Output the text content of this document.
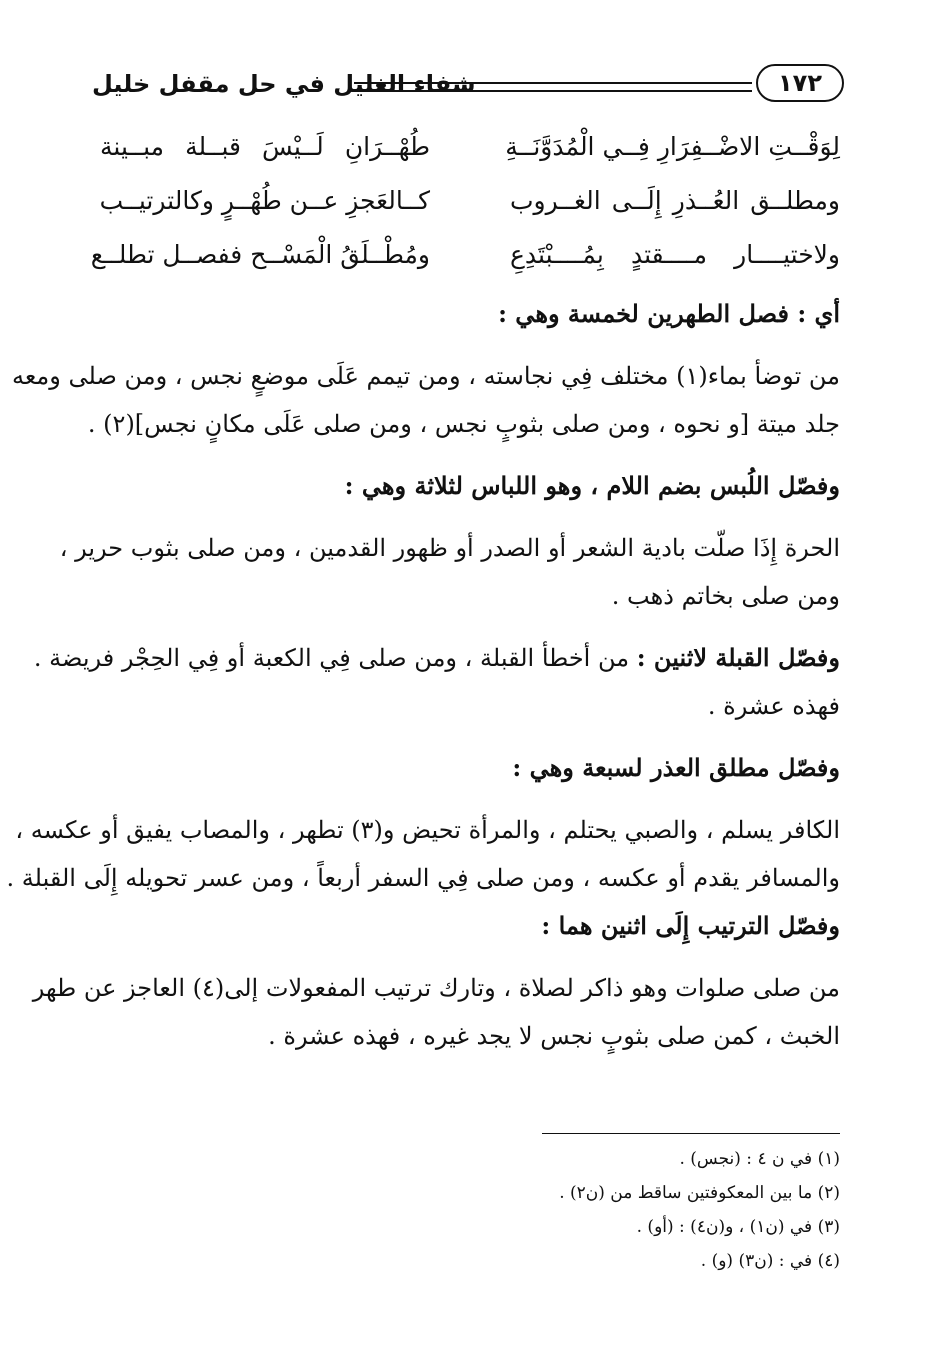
شفاء الغليل في حل مقفل خليل	١٧٢
لِوَقْــتِ الاضْــفِرَارِ فِــي الْمُدَوَّنَــةِ
طُهْــرَانِ لَــيْسَ قبــلة مبــينة
ومطلــق العُــذرِ إِلَــى الغــروب
كــالعَجزِ عــن طُهْــرٍ وكالترتيــب
ولاختيــــار مــــقتدٍ بِمُــــبْتَدِعِ
ومُطْــلَقُ الْمَسْــح ففصــل تطلــع
أي : فصل الطهرين لخمسة وهي :
من توضأ بماء(١) مختلف فِي نجاسته ، ومن تيمم عَلَى موضعٍ نجس ، ومن صلى ومعه
جلد ميتة [و نحوه ، ومن صلى بثوبٍ نجس ، ومن صلى عَلَى مكانٍ نجس](٢) .
وفصّل اللُبس بضم اللام ، وهو اللباس لثلاثة وهي :
الحرة إِذَا صلّت بادية الشعر أو الصدر أو ظهور القدمين ، ومن صلى بثوب حرير ،
ومن صلى بخاتم ذهب .
وفصّل القبلة لاثنين : من أخطأ القبلة ، ومن صلى فِي الكعبة أو فِي الحِجْر فريضة .
فهذه عشرة .
وفصّل مطلق العذر لسبعة وهي :
الكافر يسلم ، والصبي يحتلم ، والمرأة تحيض و(٣) تطهر ، والمصاب يفيق أو عكسه ،
والمسافر يقدم أو عكسه ، ومن صلى فِي السفر أربعاً ، ومن عسر تحويله إِلَى القبلة .
وفصّل الترتيب إِلَى اثنين هما :
من صلى صلوات وهو ذاكر لصلاة ، وتارك ترتيب المفعولات إلى(٤) العاجز عن طهر
الخبث ، كمن صلى بثوبٍ نجس لا يجد غيره ، فهذه عشرة .
(١) في ن ٤ : (نجس) .
(٢) ما بين المعكوفتين ساقط من (ن٢) .
(٣) في (ن١) ، و(ن٤) : (أو) .
(٤) في : (ن٣) (و) .
